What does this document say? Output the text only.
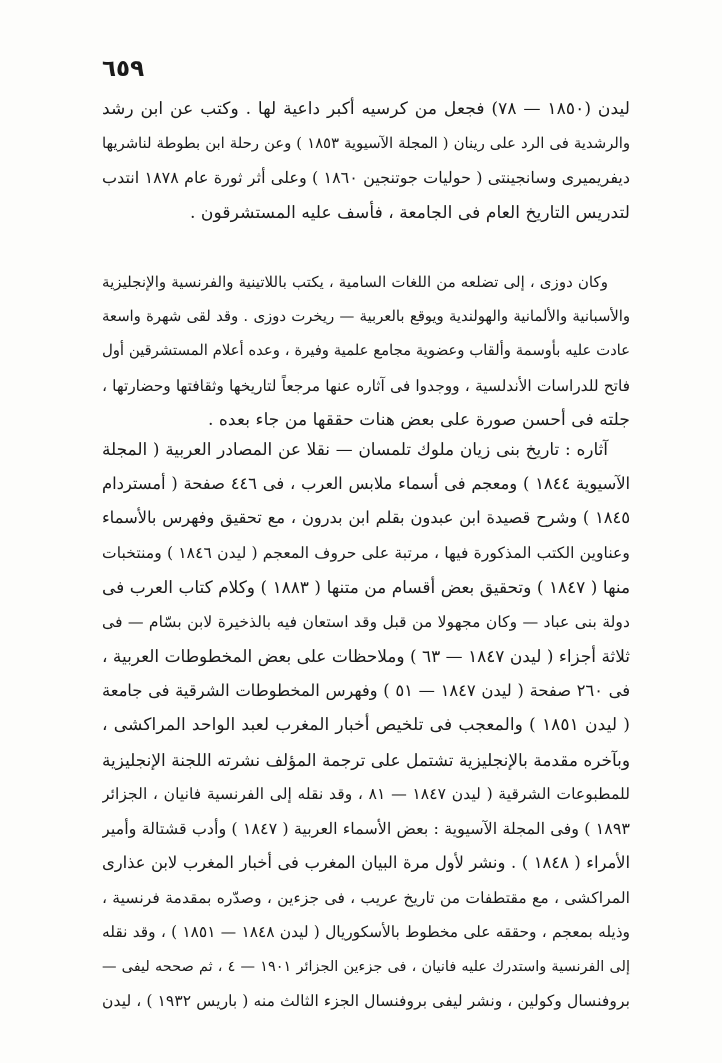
٦٥٩
ليدن (١٨٥٠ — ٧٨) فجعل من كرسيه أكبر داعية لها . وكتب عن ابن رشد
والرشدية فى الرد على رينان ( المجلة الآسيوية ١٨٥٣ ) وعن رحلة ابن بطوطة لناشريها
ديفريميرى وسانجينتى ( حوليات جوتنجين ١٨٦٠ ) وعلى أثر ثورة عام ١٨٧٨ انتدب
لتدريس التاريخ العام فى الجامعة ، فأسف عليه المستشرقون .
وكان دوزى ، إلى تضلعه من اللغات السامية ، يكتب باللاتينية والفرنسية والإنجليزية
والأسبانية والألمانية والهولندية ويوقع بالعربية — ريخرت دوزى . وقد لقى شهرة واسعة
عادت عليه بأوسمة وألقاب وعضوية مجامع علمية وفيرة ، وعده أعلام المستشرقين أول
فاتح للدراسات الأندلسية ، ووجدوا فى آثاره عنها مرجعاً لتاريخها وثقافتها وحضارتها ،
جلته فى أحسن صورة على بعض هنات حققها من جاء بعده .
آثاره : تاريخ بنى زيان ملوك تلمسان — نقلا عن المصادر العربية ( المجلة
الآسيوية ١٨٤٤ ) ومعجم فى أسماء ملابس العرب ، فى ٤٤٦ صفحة ( أمستردام
١٨٤٥ ) وشرح قصيدة ابن عبدون بقلم ابن بدرون ، مع تحقيق وفهرس بالأسماء
وعناوين الكتب المذكورة فيها ، مرتبة على حروف المعجم ( ليدن ١٨٤٦ ) ومنتخبات
منها ( ١٨٤٧ ) وتحقيق بعض أقسام من متنها ( ١٨٨٣ ) وكلام كتاب العرب فى
دولة بنى عباد — وكان مجهولا من قبل وقد استعان فيه بالذخيرة لابن بسّام — فى
ثلاثة أجزاء ( ليدن ١٨٤٧ — ٦٣ ) وملاحظات على بعض المخطوطات العربية ،
فى ٢٦٠ صفحة ( ليدن ١٨٤٧ — ٥١ ) وفهرس المخطوطات الشرقية فى جامعة
( ليدن ١٨٥١ ) والمعجب فى تلخيص أخبار المغرب لعبد الواحد المراكشى ،
وبآخره مقدمة بالإنجليزية تشتمل على ترجمة المؤلف نشرته اللجنة الإنجليزية
للمطبوعات الشرقية ( ليدن ١٨٤٧ — ٨١ ، وقد نقله إلى الفرنسية فانيان ، الجزائر
١٨٩٣ ) وفى المجلة الآسيوية : بعض الأسماء العربية ( ١٨٤٧ ) وأدب قشتالة وأمير
الأمراء ( ١٨٤٨ ) . ونشر لأول مرة البيان المغرب فى أخبار المغرب لابن عذارى
المراكشى ، مع مقتطفات من تاريخ عريب ، فى جزءين ، وصدّره بمقدمة فرنسية ،
وذيله بمعجم ، وحققه على مخطوط بالأسكوريال ( ليدن ١٨٤٨ — ١٨٥١ ) ، وقد نقله
إلى الفرنسية واستدرك عليه فانيان ، فى جزءين الجزائر ١٩٠١ — ٤ ، ثم صححه ليفى —
بروفنسال وكولين ، ونشر ليفى بروفنسال الجزء الثالث منه ( باريس ١٩٣٢ ) ، ليدن
